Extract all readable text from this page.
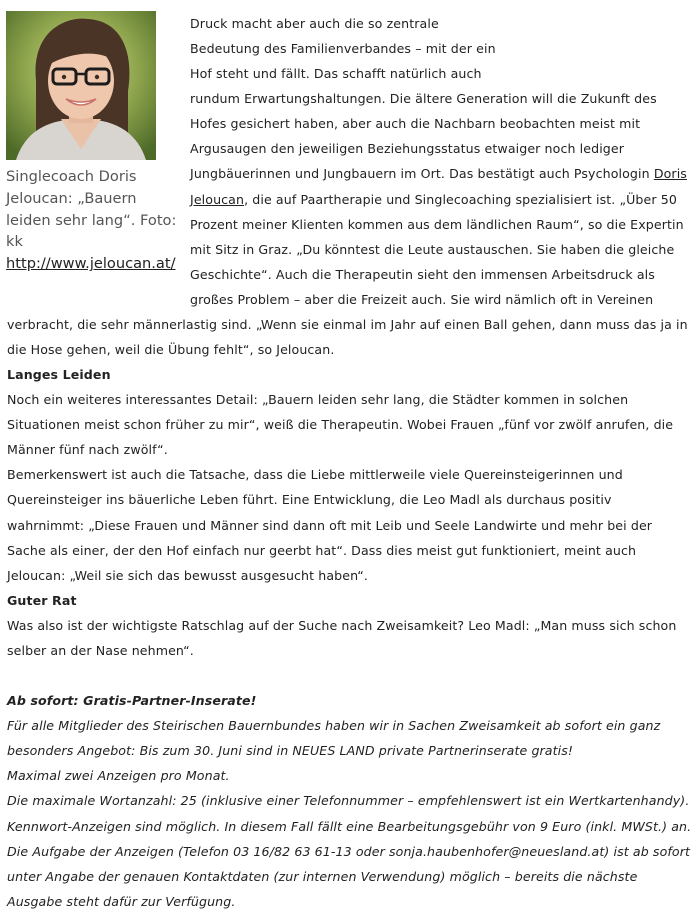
Singlecoach Doris Jeloucan: „Bauern leiden sehr lang“. Foto: kk
http://www.jeloucan.at/
Druck macht aber auch die so zentrale
Bedeutung des Familienverbandes – mit der ein
Hof steht und fällt. Das schafft natürlich auch
rundum Erwartungshaltungen. Die ältere Generation will die Zukunft des
Hofes gesichert haben, aber auch die Nachbarn beobachten meist mit
Argusaugen den jeweiligen Beziehungsstatus etwaiger noch lediger
Jungbäuerinnen und Jungbauern im Ort. Das bestätigt auch Psychologin Doris
Jeloucan, die auf Paartherapie und Singlecoaching spezialisiert ist. „Über 50
Prozent meiner Klienten kommen aus dem ländlichen Raum“, so die Expertin
mit Sitz in Graz. „Du könntest die Leute austauschen. Sie haben die gleiche
Geschichte“. Auch die Therapeutin sieht den immensen Arbeitsdruck als
großes Problem – aber die Freizeit auch. Sie wird nämlich oft in Vereinen
verbracht, die sehr männerlastig sind. „Wenn sie einmal im Jahr auf einen Ball gehen, dann muss das ja in
die Hose gehen, weil die Übung fehlt“, so Jeloucan.
Langes Leiden
Noch ein weiteres interessantes Detail: „Bauern leiden sehr lang, die Städter kommen in solchen
Situationen meist schon früher zu mir“, weiß die Therapeutin. Wobei Frauen „fünf vor zwölf anrufen, die
Männer fünf nach zwölf“.
Bemerkenswert ist auch die Tatsache, dass die Liebe mittlerweile viele Quereinsteigerinnen und
Quereinsteiger ins bäuerliche Leben führt. Eine Entwicklung, die Leo Madl als durchaus positiv
wahrnimmt: „Diese Frauen und Männer sind dann oft mit Leib und Seele Landwirte und mehr bei der
Sache als einer, der den Hof einfach nur geerbt hat“. Dass dies meist gut funktioniert, meint auch
Jeloucan: „Weil sie sich das bewusst ausgesucht haben“.
Guter Rat
Was also ist der wichtigste Ratschlag auf der Suche nach Zweisamkeit? Leo Madl: „Man muss sich schon
selber an der Nase nehmen“.
Ab sofort: Gratis-Partner-Inserate!
Für alle Mitglieder des Steirischen Bauernbundes haben wir in Sachen Zweisamkeit ab sofort ein ganz
besonders Angebot: Bis zum 30. Juni sind in NEUES LAND private Partnerinserate gratis!
Maximal zwei Anzeigen pro Monat.
Die maximale Wortanzahl: 25 (inklusive einer Telefonnummer – empfehlenswert ist ein Wertkartenhandy).
Kennwort-Anzeigen sind möglich. In diesem Fall fällt eine Bearbeitungsgebühr von 9 Euro (inkl. MWSt.) an.
Die Aufgabe der Anzeigen (Telefon 03 16/82 63 61-13 oder sonja.haubenhofer@neuesland.at) ist ab sofort
unter Angabe der genauen Kontaktdaten (zur internen Verwendung) möglich – bereits die nächste
Ausgabe steht dafür zur Verfügung.
